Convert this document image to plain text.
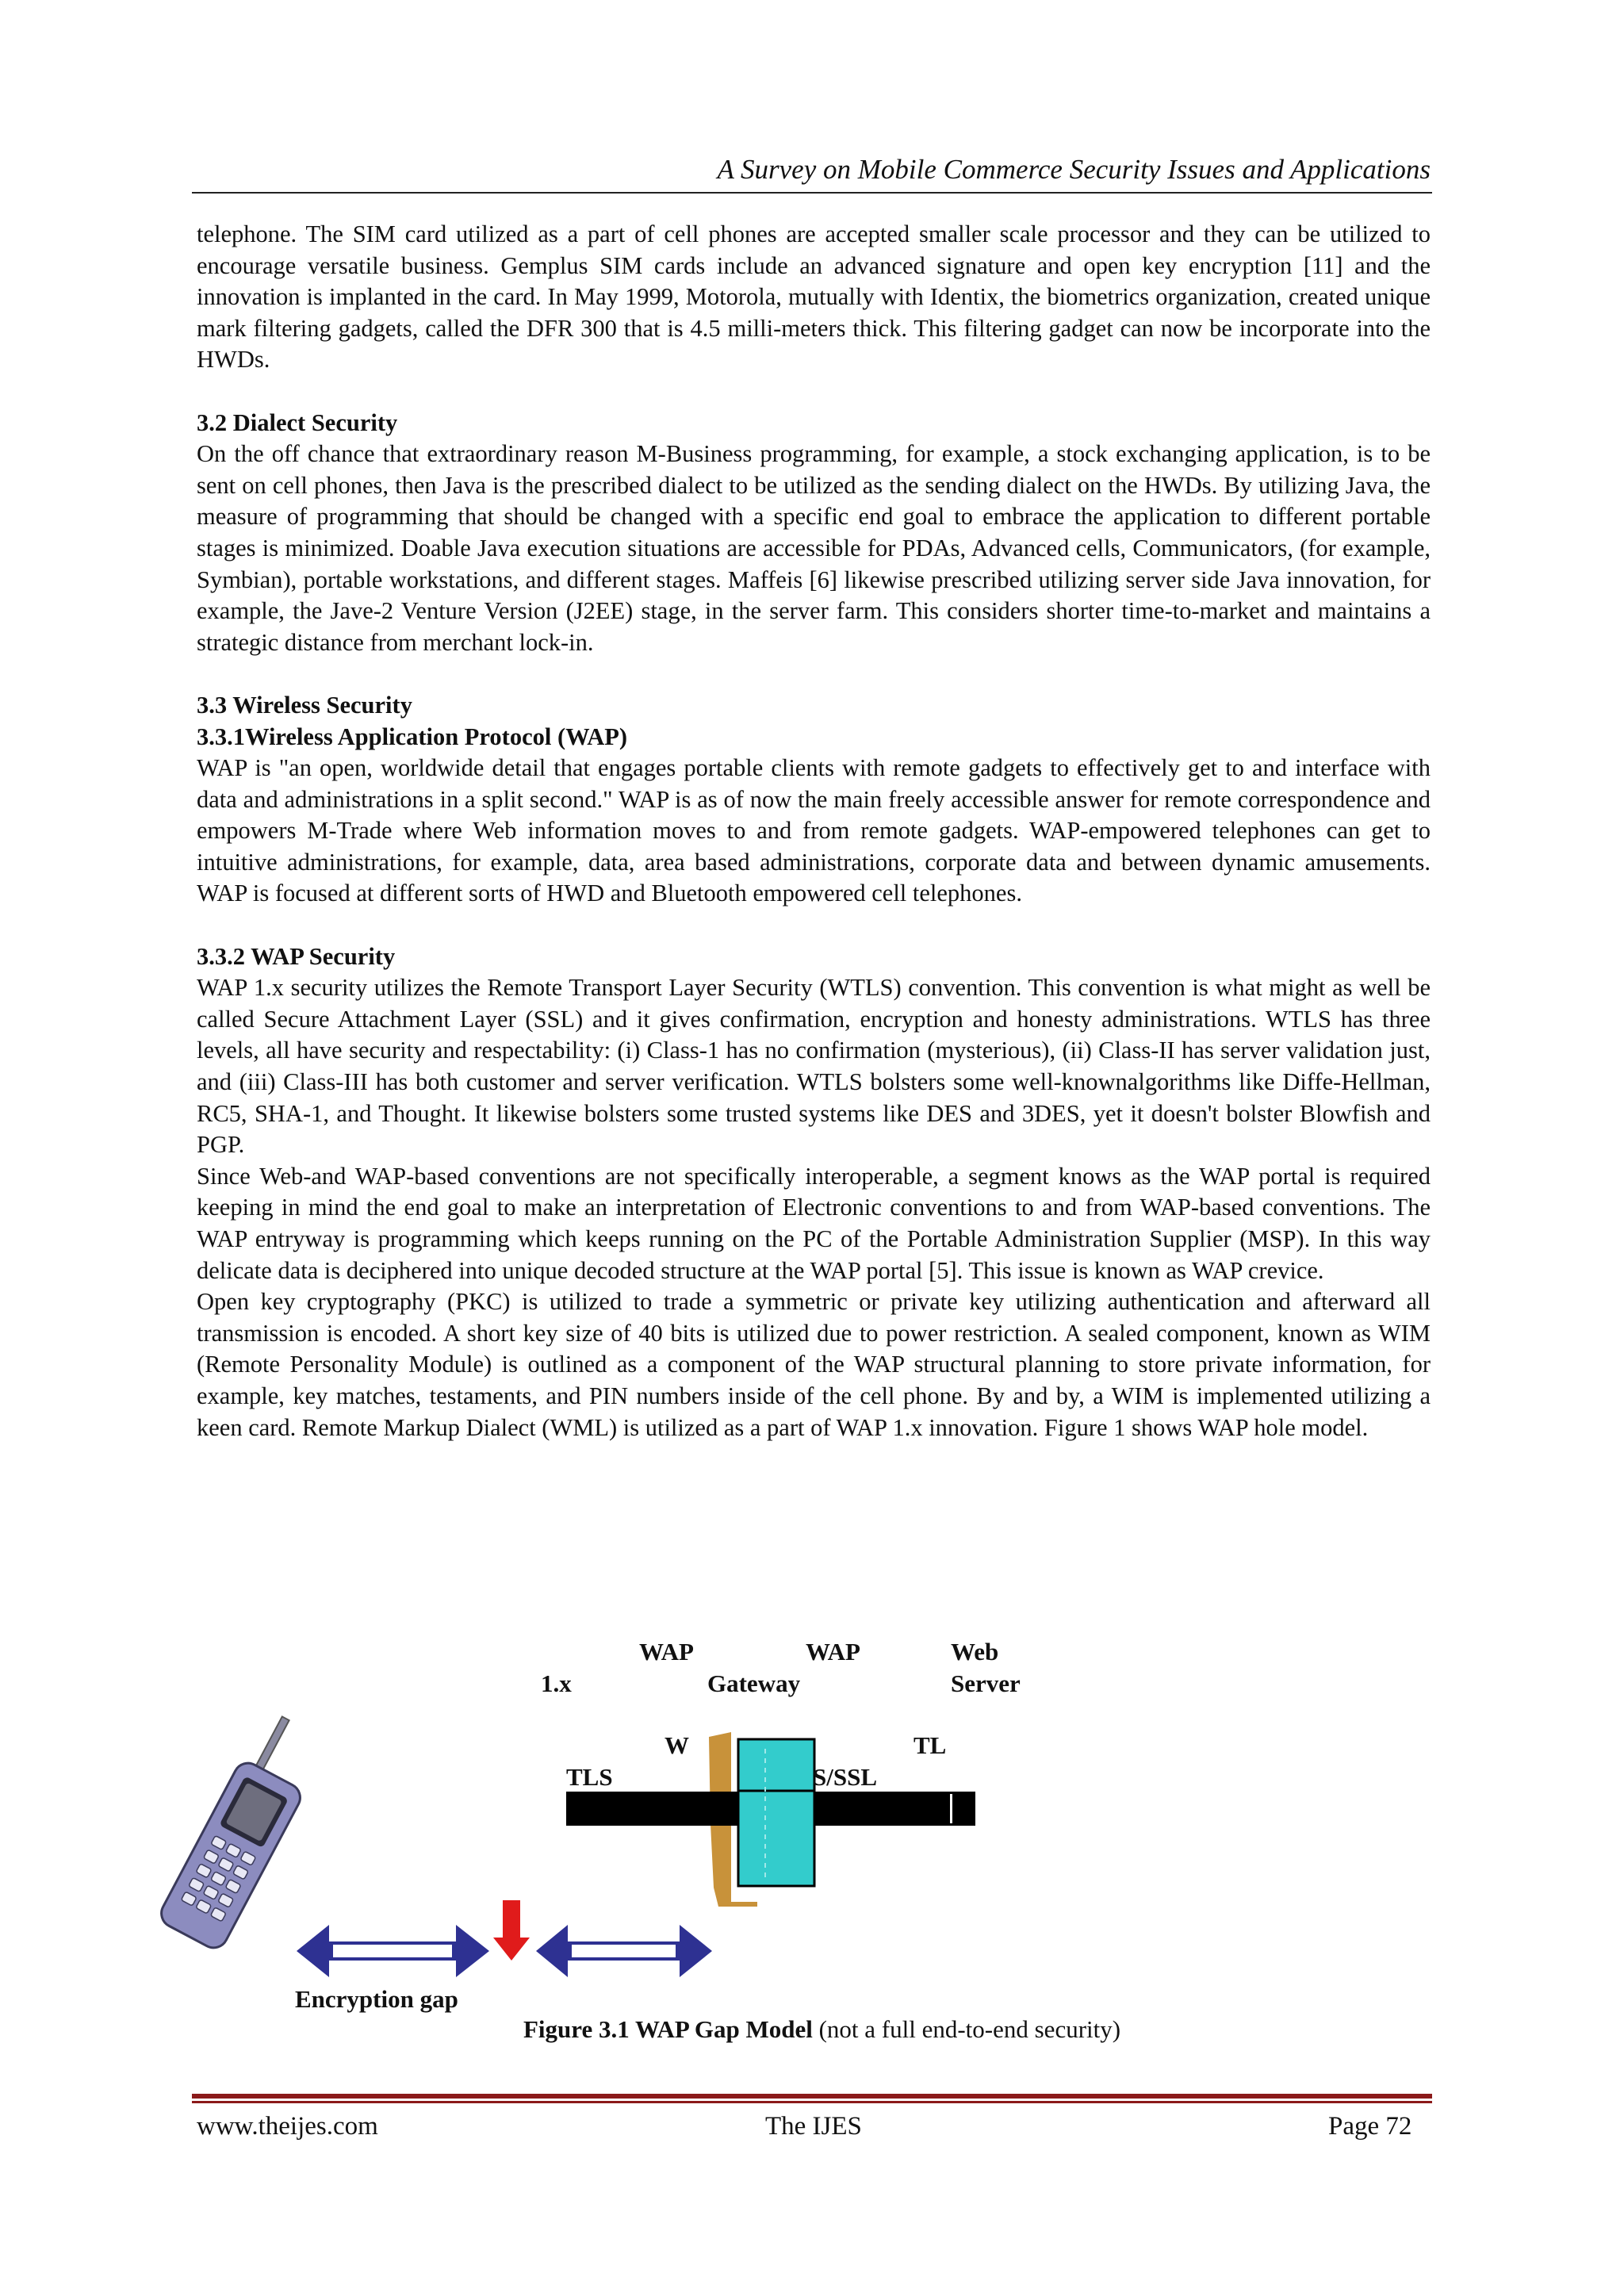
A Survey on Mobile Commerce Security Issues and Applications

telephone. The SIM card utilized as a part of cell phones are accepted smaller scale processor and they can be utilized to encourage versatile business. Gemplus SIM cards include an advanced signature and open key encryption [11] and the innovation is implanted in the card. In May 1999, Motorola, mutually with Identix, the biometrics organization, created unique mark filtering gadgets, called the DFR 300 that is 4.5 milli-meters thick. This filtering gadget can now be incorporate into the HWDs.

3.2 Dialect Security

On the off chance that extraordinary reason M-Business programming, for example, a stock exchanging application, is to be sent on cell phones, then Java is the prescribed dialect to be utilized as the sending dialect on the HWDs. By utilizing Java, the measure of programming that should be changed with a specific end goal to embrace the application to different portable stages is minimized. Doable Java execution situations are accessible for PDAs, Advanced cells, Communicators, (for example, Symbian), portable workstations, and different stages. Maffeis [6] likewise prescribed utilizing server side Java innovation, for example, the Jave-2 Venture Version (J2EE) stage, in the server farm. This considers shorter time-to-market and maintains a strategic distance from merchant lock-in.

3.3 Wireless Security
3.3.1Wireless Application Protocol (WAP)

WAP is "an open, worldwide detail that engages portable clients with remote gadgets to effectively get to and interface with data and administrations in a split second." WAP is as of now the main freely accessible answer for remote correspondence and empowers M-Trade where Web information moves to and from remote gadgets. WAP-empowered telephones can get to intuitive administrations, for example, data, area based administrations, corporate data and between dynamic amusements. WAP is focused at different sorts of HWD and Bluetooth empowered cell telephones.

3.3.2 WAP Security

WAP 1.x security utilizes the Remote Transport Layer Security (WTLS) convention. This convention is what might as well be called Secure Attachment Layer (SSL) and it gives confirmation, encryption and honesty administrations. WTLS has three levels, all have security and respectability: (i) Class-1 has no confirmation (mysterious), (ii) Class-II has server validation just, and (iii) Class-III has both customer and server verification. WTLS bolsters some well-knownalgorithms like Diffe-Hellman, RC5, SHA-1, and Thought. It likewise bolsters some trusted systems like DES and 3DES, yet it doesn't bolster Blowfish and PGP.

Since Web-and WAP-based conventions are not specifically interoperable, a segment knows as the WAP portal is required keeping in mind the end goal to make an interpretation of Electronic conventions to and from WAP-based conventions. The WAP entryway is programming which keeps running on the PC of the Portable Administration Supplier (MSP). In this way delicate data is deciphered into unique decoded structure at the WAP portal [5]. This issue is known as WAP crevice.

Open key cryptography (PKC) is utilized to trade a symmetric or private key utilizing authentication and afterward all transmission is encoded. A short key size of 40 bits is utilized due to power restriction. A sealed component, known as WIM (Remote Personality Module) is outlined as a component of the WAP structural planning to store private information, for example, key matches, testaments, and PIN numbers inside of the cell phone. By and by, a WIM is implemented utilizing a keen card. Remote Markup Dialect (WML) is utilized as a part of WAP 1.x innovation. Figure 1 shows WAP hole model.

WAP
1.x
WAP
Gateway
Web
Server
W	TL
TLS	S/SSL
Encryption gap
Figure 3.1 WAP Gap Model (not a full end-to-end security)
www.theijes.com	The IJES	Page 72
